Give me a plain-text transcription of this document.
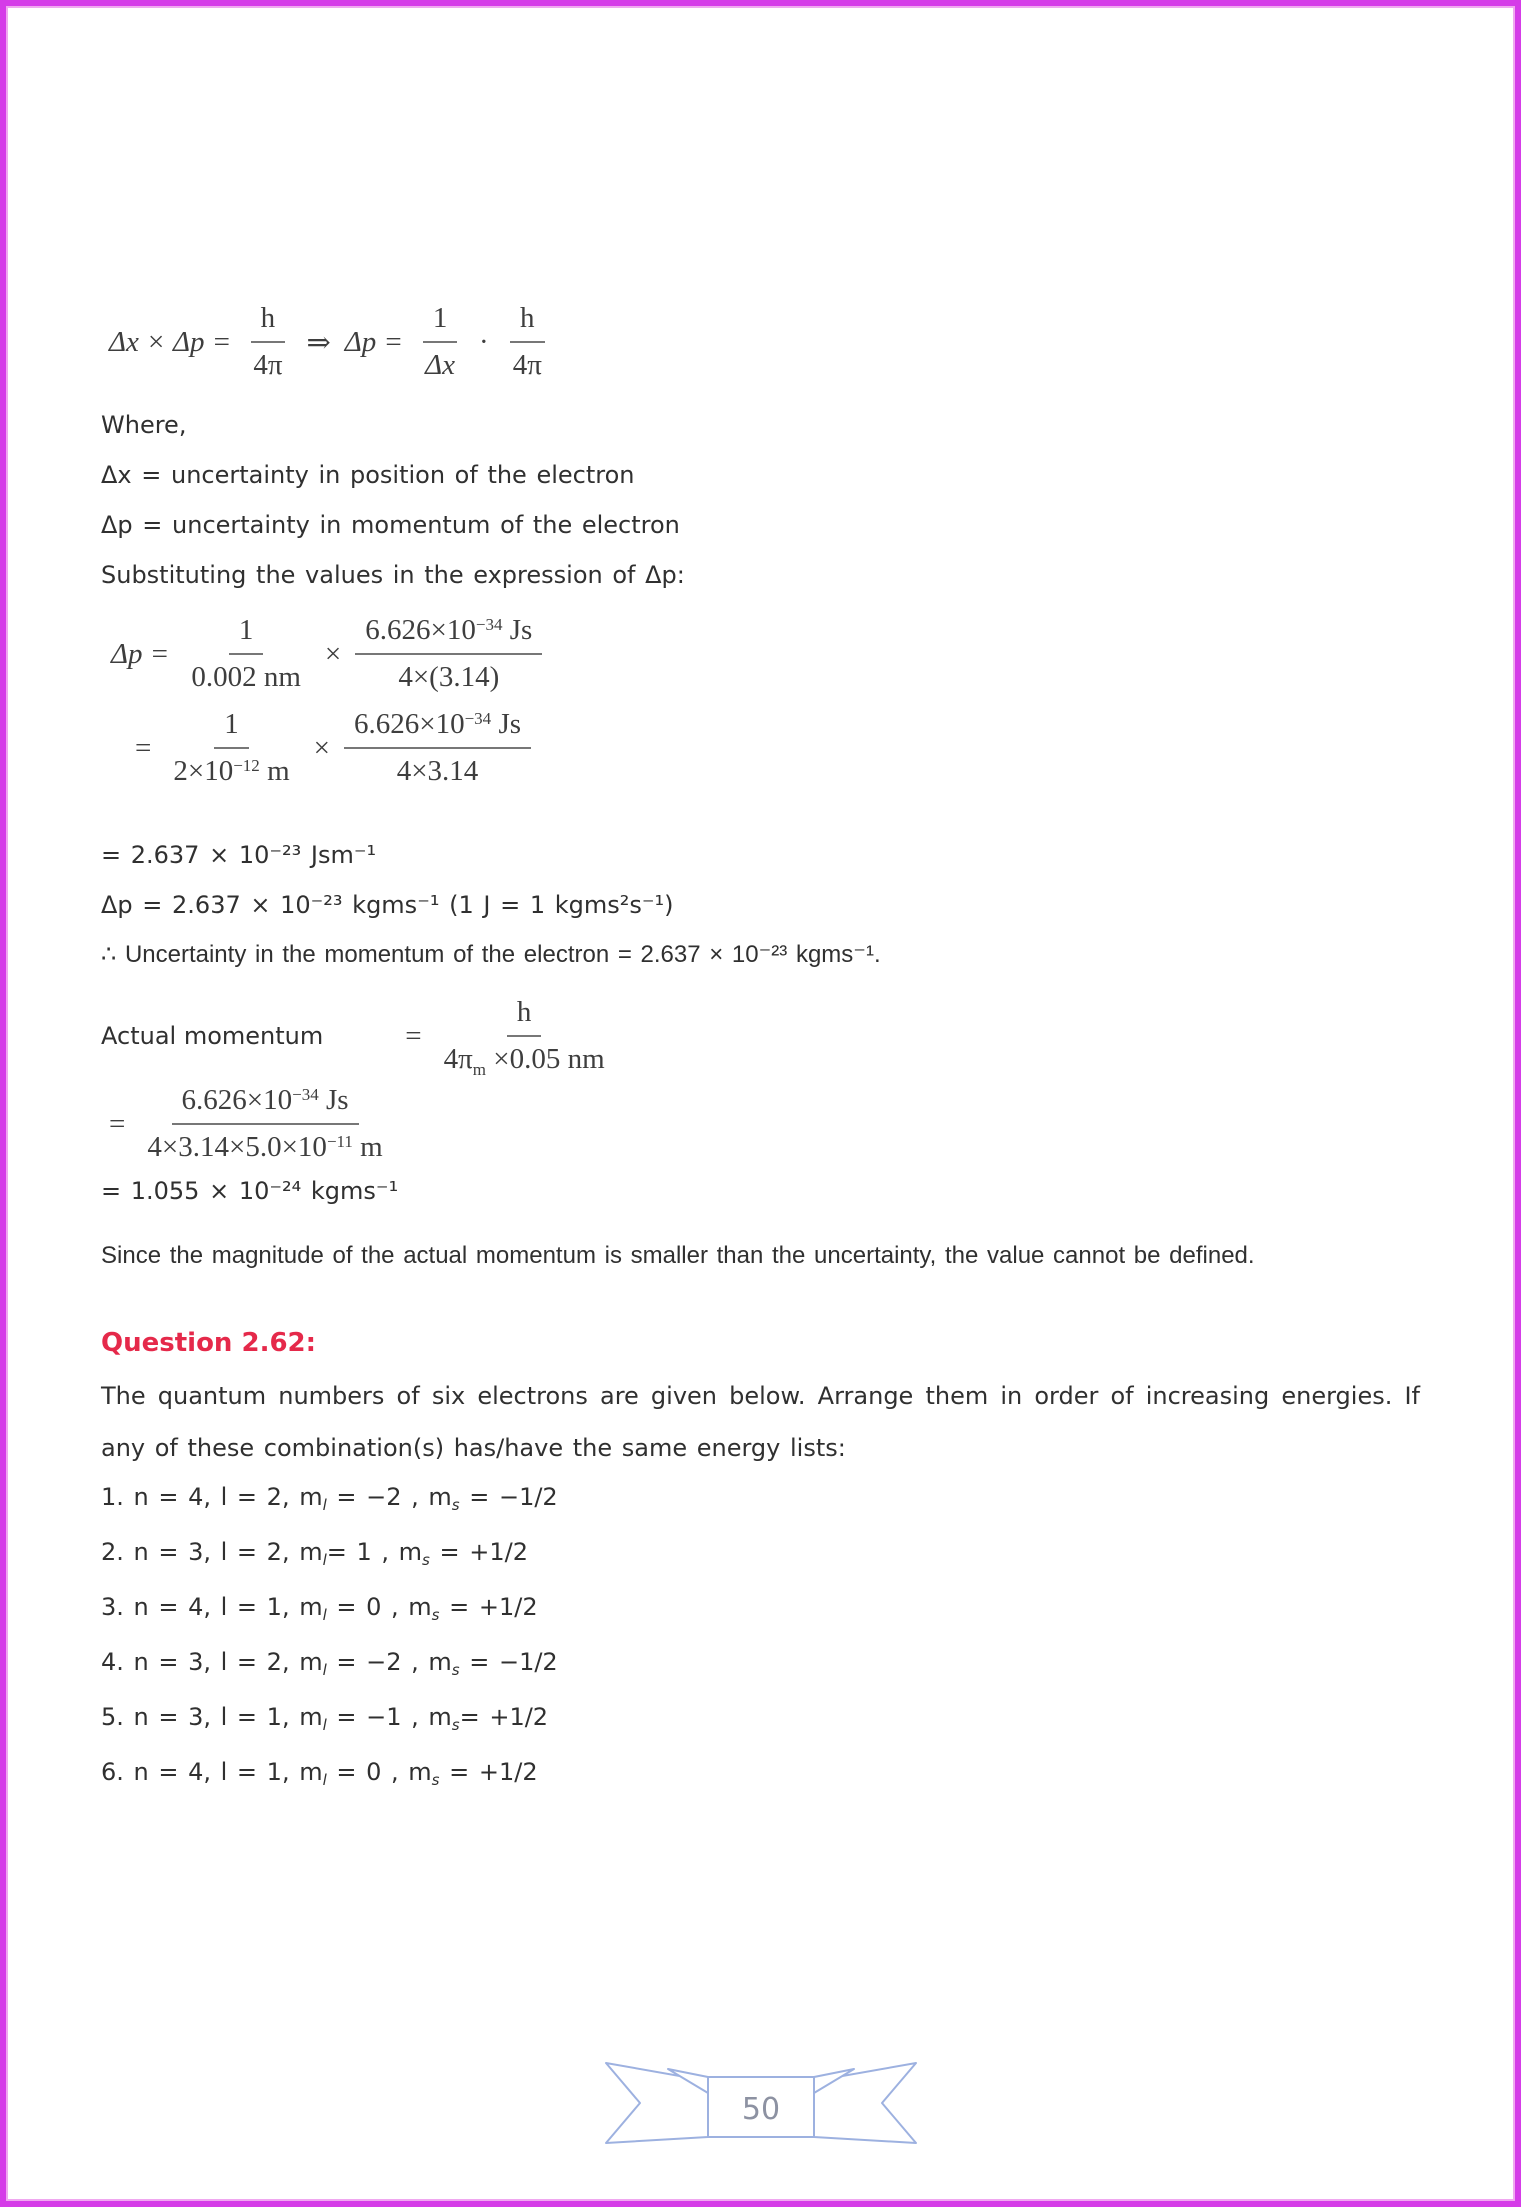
$\Delta x \times \Delta p = \frac{h}{4\pi}$ ⇒ $\Delta p = \frac{1}{\Delta x} \cdot \frac{h}{4\pi}$
Where,
Δx = uncertainty in position of the electron
Δp = uncertainty in momentum of the electron
Substituting the values in the expression of Δp:
$\Delta p = \frac{1}{0.002 nm} \times \frac{6.626\times 10^{-34} Js}{4\times(3.14)}$
= $\frac{1}{2\times 10^{-12} m} \times \frac{6.626\times 10^{-34} Js}{4\times 3.14}$
= 2.637 × 10⁻²³ Jsm⁻¹
Δp = 2.637 × 10⁻²³ kgms⁻¹ (1 J = 1 kgms²s⁻¹)
∴ Uncertainty in the momentum of the electron = 2.637 × 10⁻²³ kgms⁻¹.
Actual momentum	= $\frac{h}{4\pi_m \times 0.05 nm}$
= $\frac{6.626\times 10^{-34} Js}{4\times 3.14\times 5.0\times 10^{-11} m}$
= 1.055 × 10⁻²⁴ kgms⁻¹

Since the magnitude of the actual momentum is smaller than the uncertainty, the value cannot be defined.

Question 2.62:

The quantum numbers of six electrons are given below. Arrange them in order of increasing energies. If any of these combination(s) has/have the same energy lists:

1. n = 4, l = 2, $m_l = -2$ , $m_s = -1/2$
2. n = 3, l = 2, $m_l= 1$ , $m_s = +1/2$
3. n = 4, l = 1, $m_l = 0$ , $m_s = +1/2$
4. n = 3, l = 2, $m_l = -2$ , $m_s = -1/2$
5. n = 3, l = 1, $m_l = -1$ , $m_s= +1/2$
6. n = 4, l = 1, $m_l = 0$ , $m_s = +1/2$
50
